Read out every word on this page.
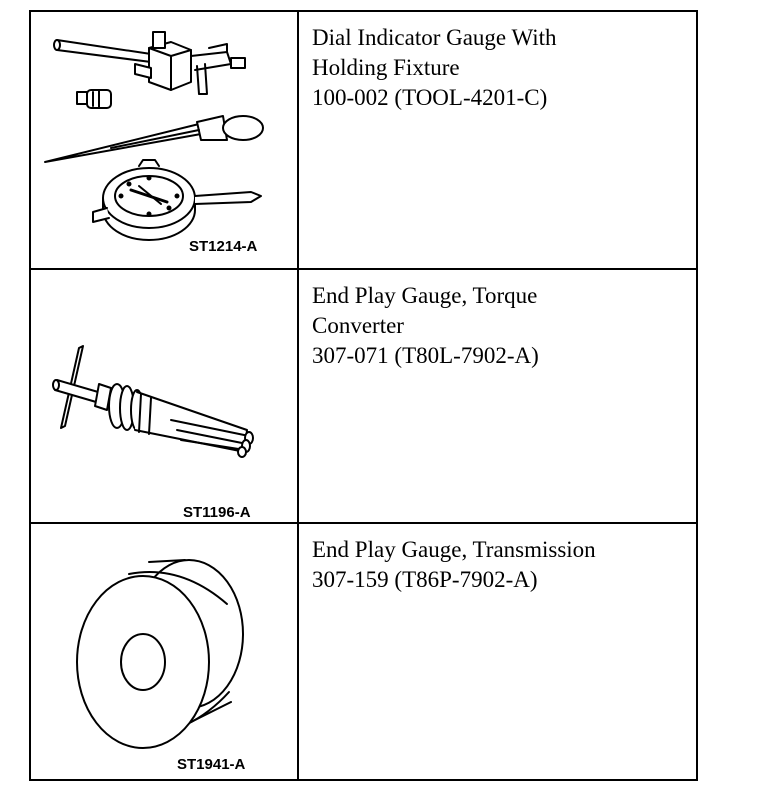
ST1214-A
Dial Indicator Gauge With
Holding Fixture
100-002 (TOOL-4201-C)
ST1196-A
End Play Gauge, Torque
Converter
307-071 (T80L-7902-A)
ST1941-A
End Play Gauge, Transmission
307-159 (T86P-7902-A)
